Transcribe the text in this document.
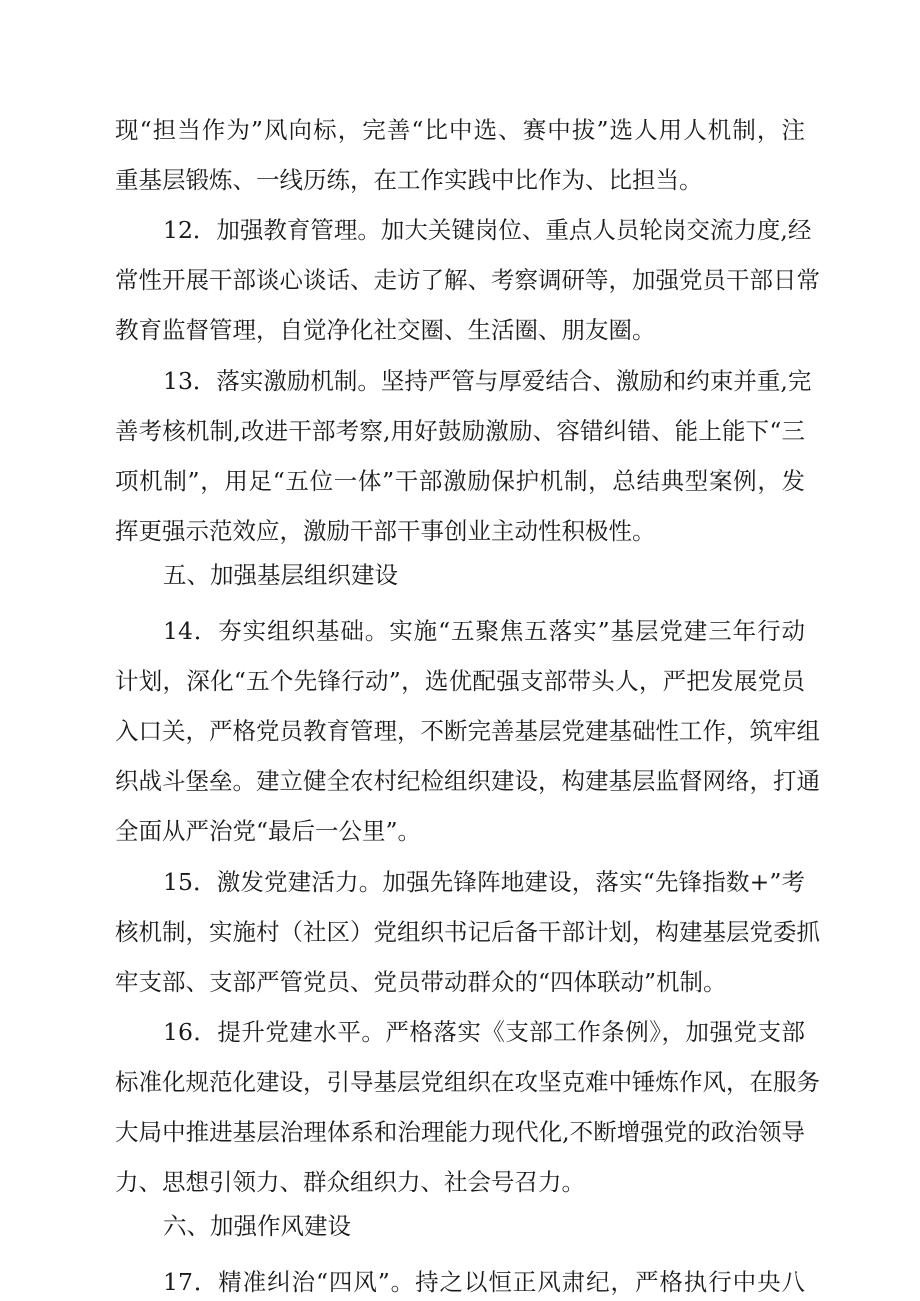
现“担当作为”风向标，完善“比中选、赛中拔”选人用人机制，注
重基层锻炼、一线历练，在工作实践中比作为、比担当。
12．加强教育管理。加大关键岗位、重点人员轮岗交流力度,经
常性开展干部谈心谈话、走访了解、考察调研等，加强党员干部日常
教育监督管理，自觉净化社交圈、生活圈、朋友圈。
13．落实激励机制。坚持严管与厚爱结合、激励和约束并重,完
善考核机制,改进干部考察,用好鼓励激励、容错纠错、能上能下“三
项机制”，用足“五位一体”干部激励保护机制，总结典型案例，发
挥更强示范效应，激励干部干事创业主动性积极性。
五、加强基层组织建设
14．夯实组织基础。实施“五聚焦五落实”基层党建三年行动
计划，深化“五个先锋行动”，选优配强支部带头人，严把发展党员
入口关，严格党员教育管理，不断完善基层党建基础性工作，筑牢组
织战斗堡垒。建立健全农村纪检组织建设，构建基层监督网络，打通
全面从严治党“最后一公里”。
15．激发党建活力。加强先锋阵地建设，落实“先锋指数+”考
核机制，实施村（社区）党组织书记后备干部计划，构建基层党委抓
牢支部、支部严管党员、党员带动群众的“四体联动”机制。
16．提升党建水平。严格落实《支部工作条例》，加强党支部
标准化规范化建设，引导基层党组织在攻坚克难中锤炼作风，在服务
大局中推进基层治理体系和治理能力现代化,不断增强党的政治领导
力、思想引领力、群众组织力、社会号召力。
六、加强作风建设
17．精准纠治“四风”。持之以恒正风肃纪，严格执行中央八
